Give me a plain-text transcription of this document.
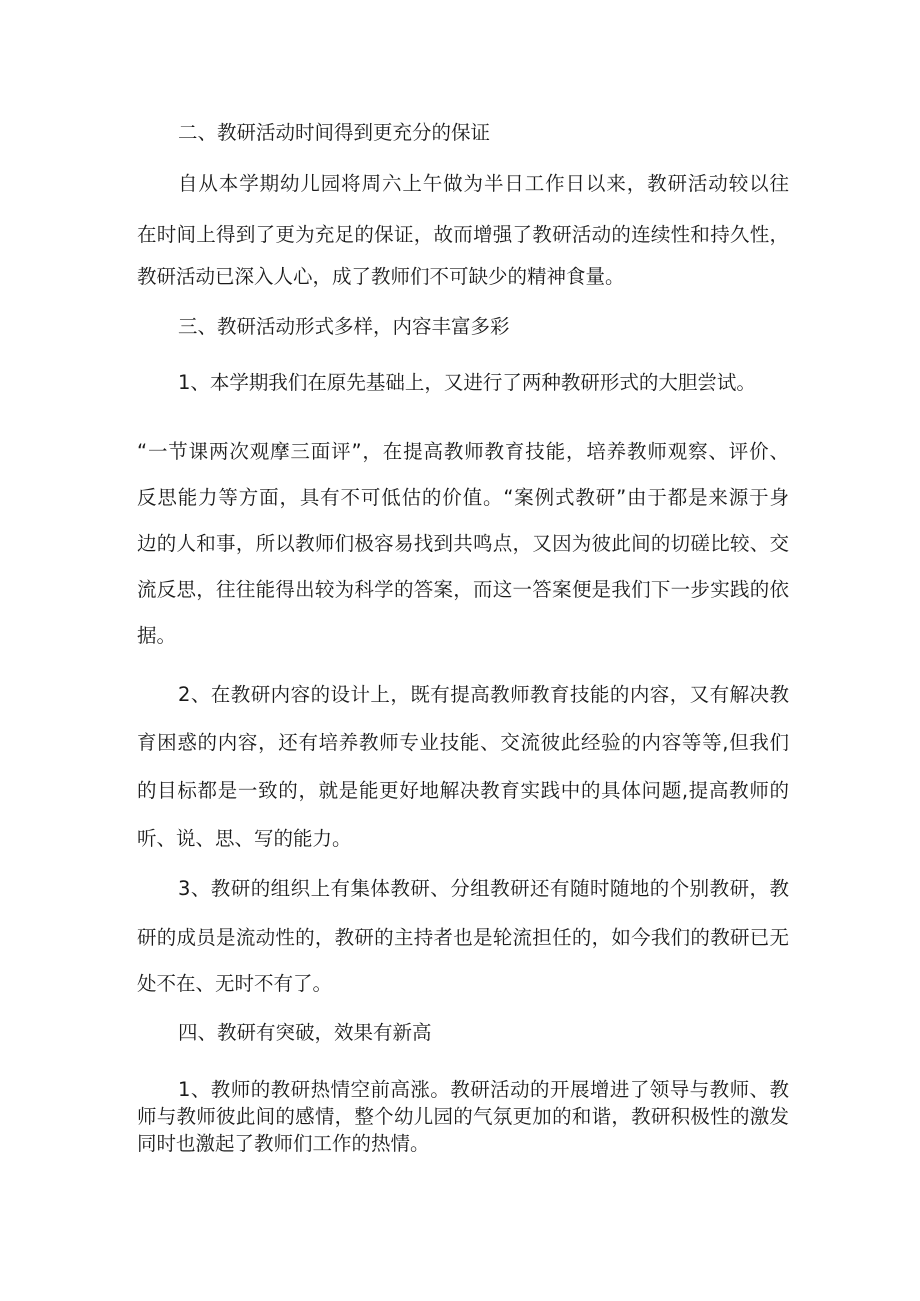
二、教研活动时间得到更充分的保证

自从本学期幼儿园将周六上午做为半日工作日以来，教研活动较以往

在时间上得到了更为充足的保证，故而增强了教研活动的连续性和持久性，

教研活动已深入人心，成了教师们不可缺少的精神食量。

三、教研活动形式多样，内容丰富多彩

1、本学期我们在原先基础上，又进行了两种教研形式的大胆尝试。

“一节课两次观摩三面评”，在提高教师教育技能，培养教师观察、评价、

反思能力等方面，具有不可低估的价值。“案例式教研”由于都是来源于身

边的人和事，所以教师们极容易找到共鸣点，又因为彼此间的切磋比较、交

流反思，往往能得出较为科学的答案，而这一答案便是我们下一步实践的依

据。

2、在教研内容的设计上，既有提高教师教育技能的内容，又有解决教

育困惑的内容，还有培养教师专业技能、交流彼此经验的内容等等,但我们

的目标都是一致的，就是能更好地解决教育实践中的具体问题,提高教师的

听、说、思、写的能力。

3、教研的组织上有集体教研、分组教研还有随时随地的个别教研，教

研的成员是流动性的，教研的主持者也是轮流担任的，如今我们的教研已无

处不在、无时不有了。

四、教研有突破，效果有新高

1、教师的教研热情空前高涨。教研活动的开展增进了领导与教师、教

师与教师彼此间的感情，整个幼儿园的气氛更加的和谐，教研积极性的激发

同时也激起了教师们工作的热情。
